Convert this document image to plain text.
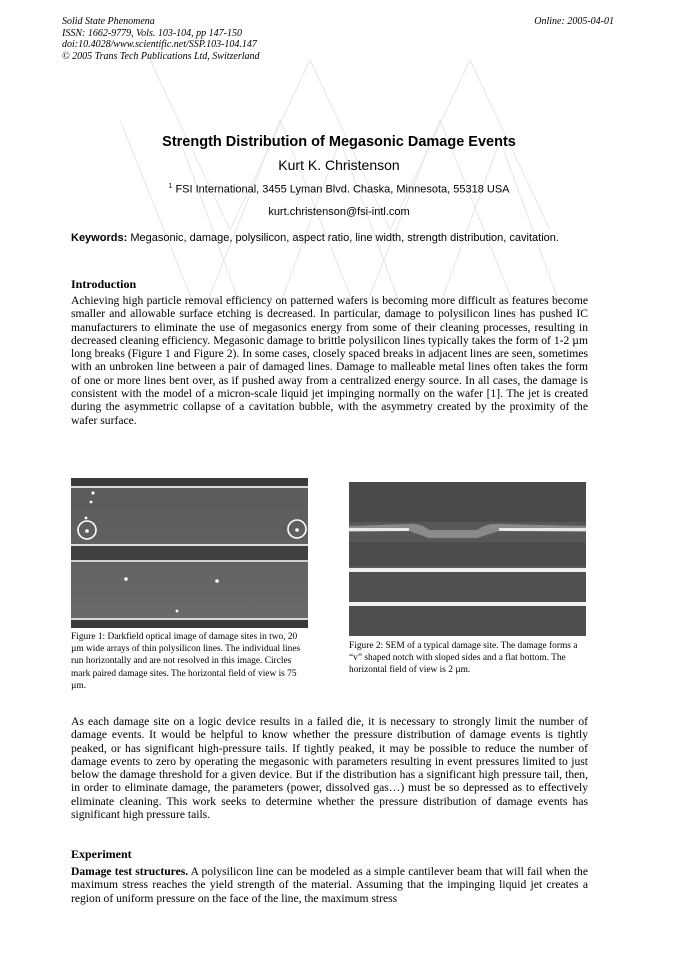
Solid State Phenomena
ISSN: 1662-9779, Vols. 103-104, pp 147-150
doi:10.4028/www.scientific.net/SSP.103-104.147
© 2005 Trans Tech Publications Ltd, Switzerland
Online: 2005-04-01
Strength Distribution of Megasonic Damage Events
Kurt K. Christenson
$^1$ FSI International, 3455 Lyman Blvd. Chaska, Minnesota, 55318 USA
kurt.christenson@fsi-intl.com
Keywords: Megasonic, damage, polysilicon, aspect ratio, line width, strength distribution, cavitation.
Introduction
Achieving high particle removal efficiency on patterned wafers is becoming more difficult as features become smaller and allowable surface etching is decreased. In particular, damage to polysilicon lines has pushed IC manufacturers to eliminate the use of megasonics energy from some of their cleaning processes, resulting in decreased cleaning efficiency. Megasonic damage to brittle polysilicon lines typically takes the form of 1-2 µm long breaks (Figure 1 and Figure 2). In some cases, closely spaced breaks in adjacent lines are seen, sometimes with an unbroken line between a pair of damaged lines. Damage to malleable metal lines often takes the form of one or more lines bent over, as if pushed away from a centralized energy source. In all cases, the damage is consistent with the model of a micron-scale liquid jet impinging normally on the wafer [1]. The jet is created during the asymmetric collapse of a cavitation bubble, with the asymmetry created by the proximity of the wafer surface.
Figure 1: Darkfield optical image of damage sites in two, 20 µm wide arrays of thin polysilicon lines. The individual lines run horizontally and are not resolved in this image. Circles mark paired damage sites. The horizontal field of view is 75 µm.
Figure 2: SEM of a typical damage site. The damage forms a “v” shaped notch with sloped sides and a flat bottom. The horizontal field of view is 2 µm.
As each damage site on a logic device results in a failed die, it is necessary to strongly limit the number of damage events. It would be helpful to know whether the pressure distribution of damage events is tightly peaked, or has significant high-pressure tails. If tightly peaked, it may be possible to reduce the number of damage events to zero by operating the megasonic with parameters resulting in event pressures limited to just below the damage threshold for a given device. But if the distribution has a significant high pressure tail, then, in order to eliminate damage, the parameters (power, dissolved gas…) must be so depressed as to effectively eliminate cleaning. This work seeks to determine whether the pressure distribution of damage events has significant high pressure tails.
Experiment
Damage test structures. A polysilicon line can be modeled as a simple cantilever beam that will fail when the maximum stress reaches the yield strength of the material. Assuming that the impinging liquid jet creates a region of uniform pressure on the face of the line, the maximum stress
